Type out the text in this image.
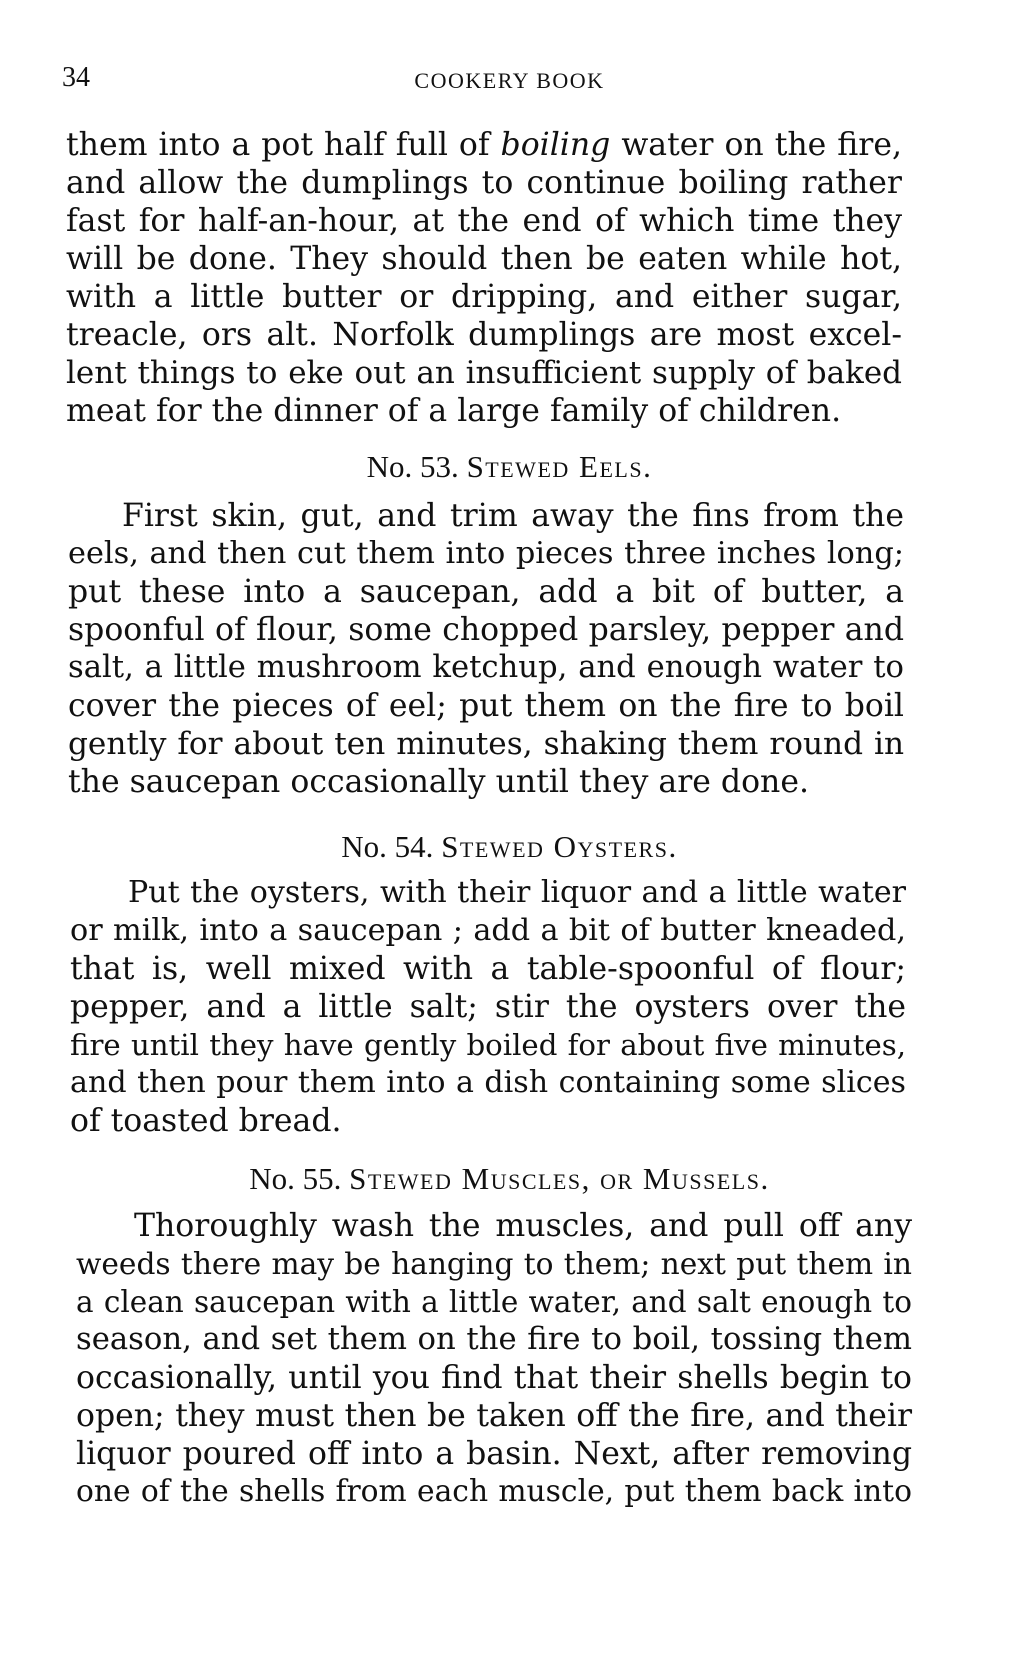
34	COOKERY BOOK
them into a pot half full of boiling water on the fire,
and allow the dumplings to continue boiling rather
fast for half-an-hour, at the end of which time they
will be done. They should then be eaten while hot,
with a little butter or dripping, and either sugar,
treacle, ors alt. Norfolk dumplings are most excel-
lent things to eke out an insufficient supply of baked
meat for the dinner of a large family of children.
No. 53. Stewed Eels.
First skin, gut, and trim away the fins from the
eels, and then cut them into pieces three inches long;
put these into a saucepan, add a bit of butter, a
spoonful of flour, some chopped parsley, pepper and
salt, a little mushroom ketchup, and enough water to
cover the pieces of eel; put them on the fire to boil
gently for about ten minutes, shaking them round in
the saucepan occasionally until they are done.
No. 54. Stewed Oysters.
Put the oysters, with their liquor and a little water
or milk, into a saucepan ; add a bit of butter kneaded,
that is, well mixed with a table-spoonful of flour;
pepper, and a little salt; stir the oysters over the
fire until they have gently boiled for about five minutes,
and then pour them into a dish containing some slices
of toasted bread.
No. 55. Stewed Muscles, or Mussels.
Thoroughly wash the muscles, and pull off any
weeds there may be hanging to them; next put them in
a clean saucepan with a little water, and salt enough to
season, and set them on the fire to boil, tossing them
occasionally, until you find that their shells begin to
open; they must then be taken off the fire, and their
liquor poured off into a basin. Next, after removing
one of the shells from each muscle, put them back into
